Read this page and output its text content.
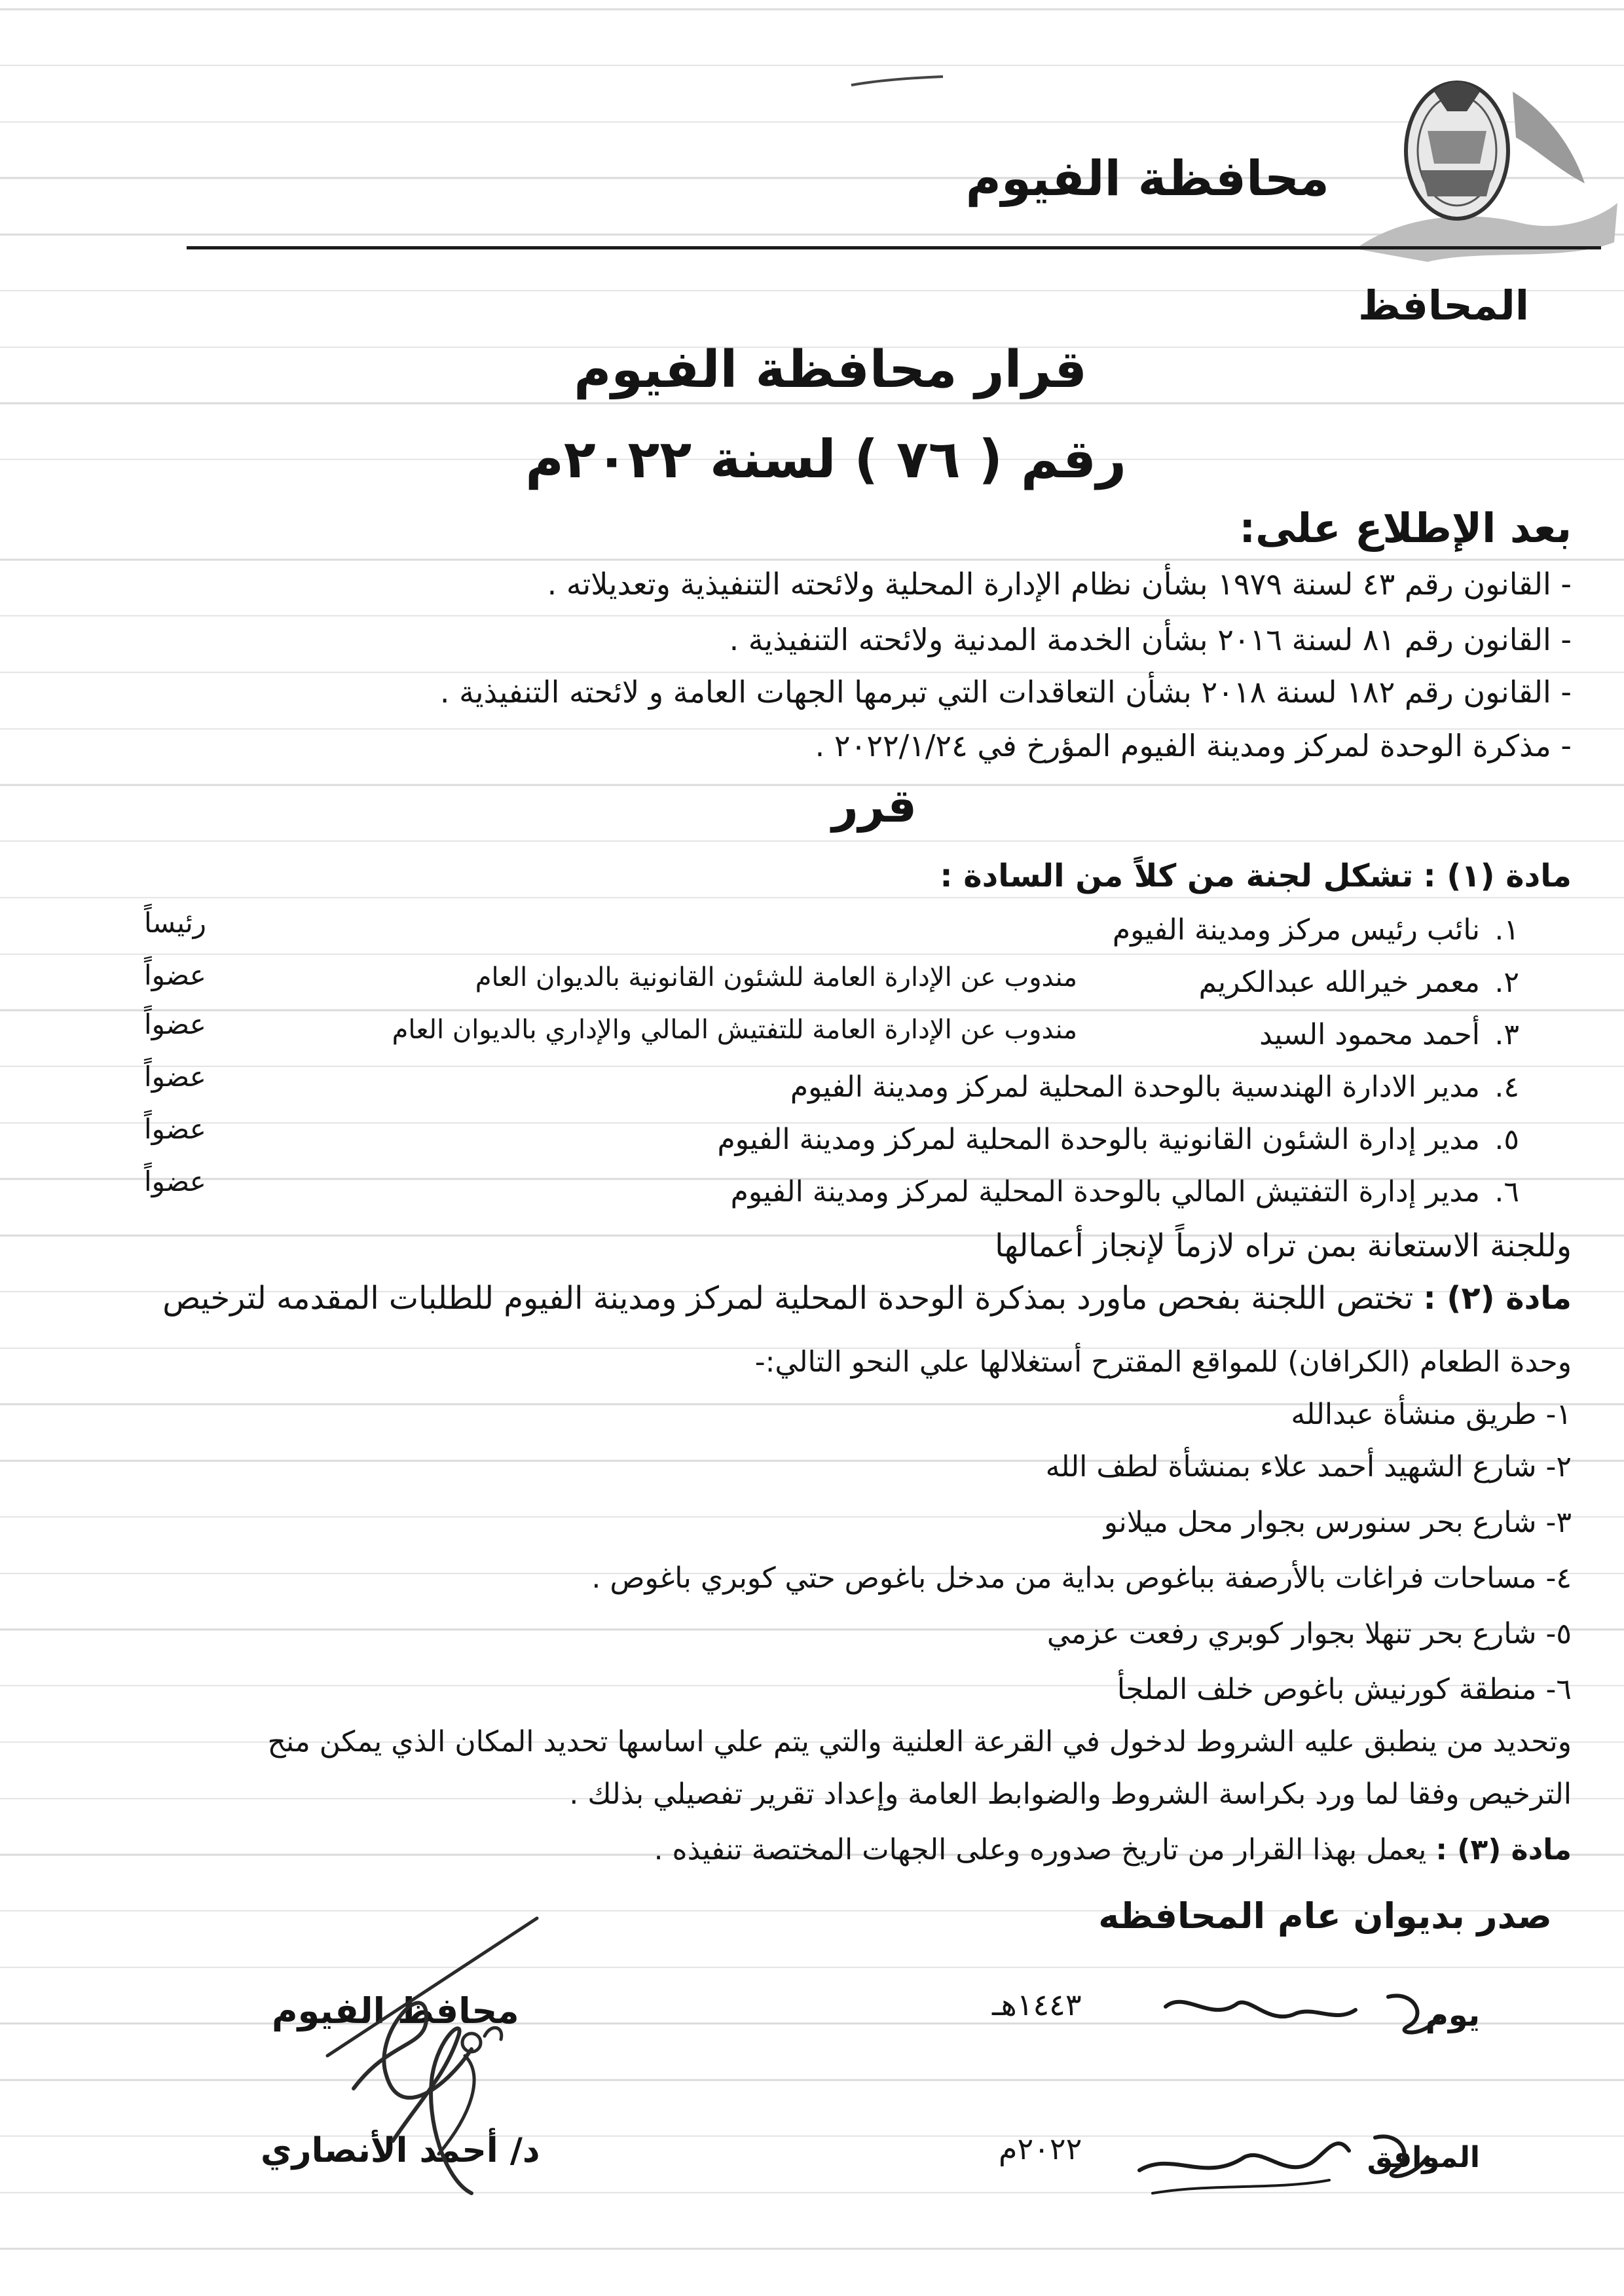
محافظة الفيوم
المحافظ
قرار محافظة الفيوم
رقم ( ٧٦ ) لسنة ٢٠٢٢م
بعد الإطلاع على:
- القانون رقم ٤٣ لسنة ١٩٧٩ بشأن نظام الإدارة المحلية ولائحته التنفيذية وتعديلاته .
- القانون رقم ٨١ لسنة ٢٠١٦ بشأن الخدمة المدنية ولائحته التنفيذية .
- القانون رقم ١٨٢ لسنة ٢٠١٨ بشأن التعاقدات التي تبرمها الجهات العامة و لائحته التنفيذية .
- مذكرة الوحدة لمركز ومدينة الفيوم المؤرخ في ٢٠٢٢/١/٢٤ .
قرر
مادة (١) : تشكل لجنة من كلاً من السادة :
١.
نائب رئيس مركز ومدينة الفيوم
رئيساً
٢.
معمر خيرالله عبدالكريم
مندوب عن الإدارة العامة للشئون القانونية بالديوان العام
عضواً
٣.
أحمد محمود السيد
مندوب عن الإدارة العامة للتفتيش المالي والإداري بالديوان العام
عضواً
٤.
مدير الادارة الهندسية بالوحدة المحلية لمركز ومدينة الفيوم
عضواً
٥.
مدير إدارة الشئون القانونية بالوحدة المحلية لمركز ومدينة الفيوم
عضواً
٦.
مدير إدارة التفتيش المالي بالوحدة المحلية لمركز ومدينة الفيوم
عضواً
وللجنة الاستعانة بمن تراه لازماً لإنجاز أعمالها
مادة (٢) : تختص اللجنة بفحص ماورد بمذكرة الوحدة المحلية لمركز ومدينة الفيوم للطلبات المقدمه لترخيص
وحدة الطعام (الكرافان) للمواقع المقترح أستغلالها علي النحو التالي:-
١- طريق منشأة عبدالله
٢- شارع الشهيد أحمد علاء بمنشأة لطف الله
٣- شارع بحر سنورس بجوار محل ميلانو
٤- مساحات فراغات بالأرصفة بباغوص بداية من مدخل باغوص حتي كوبري باغوص .
٥- شارع بحر تنهلا بجوار كوبري رفعت عزمي
٦- منطقة كورنيش باغوص خلف الملجأ
وتحديد من ينطبق عليه الشروط لدخول في القرعة العلنية والتي يتم علي اساسها تحديد المكان الذي يمكن منح
الترخيص وفقا لما ورد بكراسة الشروط والضوابط العامة وإعداد تقرير تفصيلي بذلك .
مادة (٣) : يعمل بهذا القرار من تاريخ صدوره وعلى الجهات المختصة تنفيذه .
صدر بديوان عام المحافظه
يوم
١٤٤٣هـ
الموافق
٢٠٢٢م
محافظ الفيوم
د/ أحمد الأنصاري
